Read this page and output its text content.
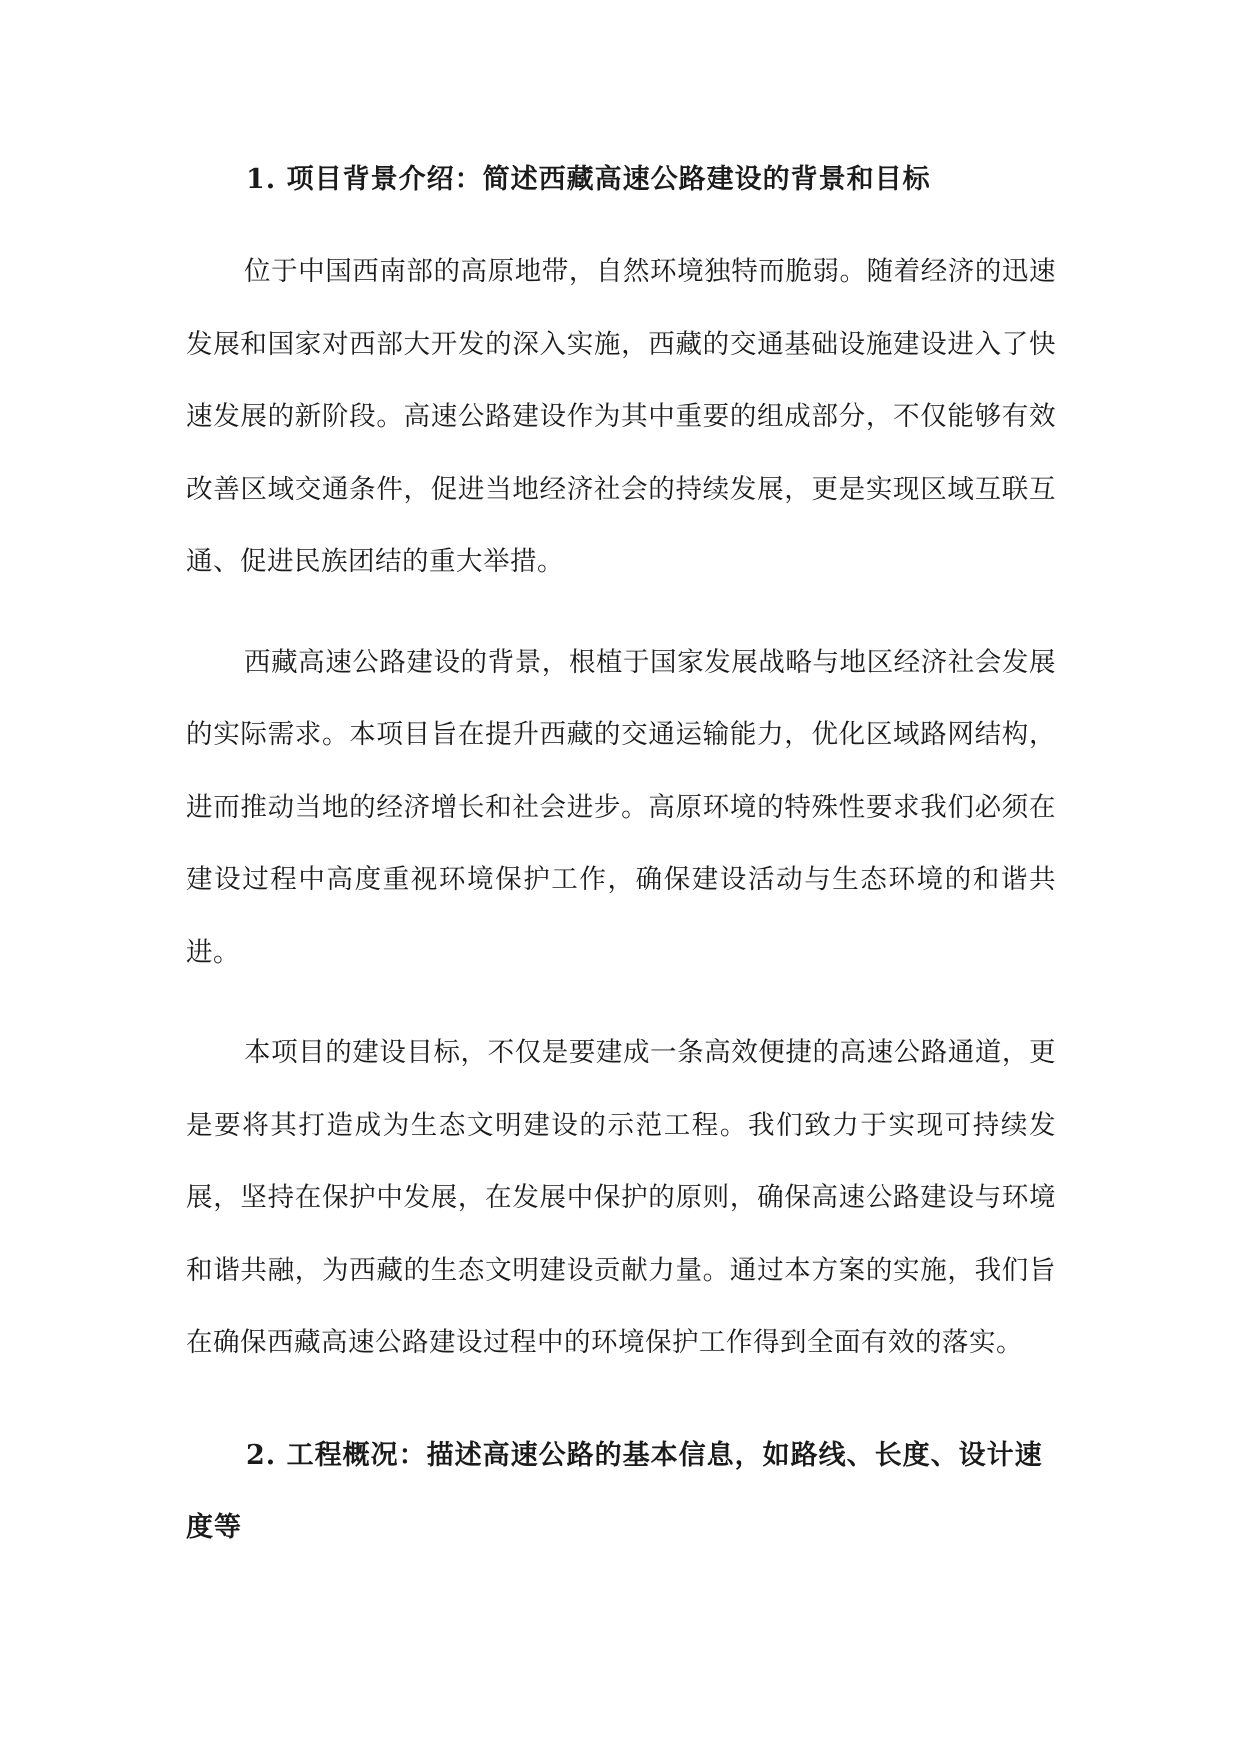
1. 项目背景介绍：简述西藏高速公路建设的背景和目标

位于中国西南部的高原地带，自然环境独特而脆弱。随着经济的迅速发展和国家对西部大开发的深入实施，西藏的交通基础设施建设进入了快速发展的新阶段。高速公路建设作为其中重要的组成部分，不仅能够有效改善区域交通条件，促进当地经济社会的持续发展，更是实现区域互联互通、促进民族团结的重大举措。

西藏高速公路建设的背景，根植于国家发展战略与地区经济社会发展的实际需求。本项目旨在提升西藏的交通运输能力，优化区域路网结构，进而推动当地的经济增长和社会进步。高原环境的特殊性要求我们必须在建设过程中高度重视环境保护工作，确保建设活动与生态环境的和谐共进。

本项目的建设目标，不仅是要建成一条高效便捷的高速公路通道，更是要将其打造成为生态文明建设的示范工程。我们致力于实现可持续发展，坚持在保护中发展，在发展中保护的原则，确保高速公路建设与环境和谐共融，为西藏的生态文明建设贡献力量。通过本方案的实施，我们旨在确保西藏高速公路建设过程中的环境保护工作得到全面有效的落实。

2. 工程概况：描述高速公路的基本信息，如路线、长度、设计速度等
